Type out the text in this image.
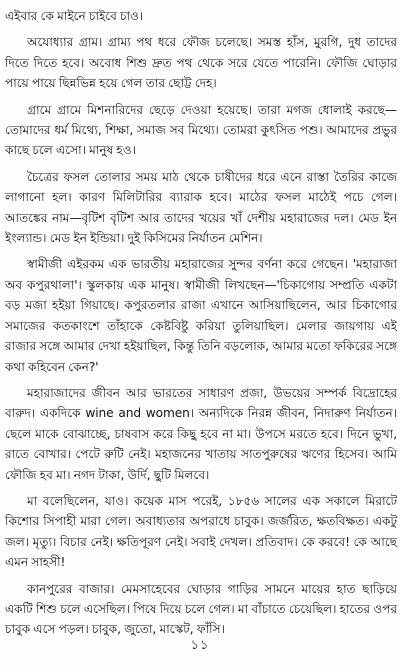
এইবার কে মাইনে চাইবে চাও।

অযোধ্যার গ্রাম। গ্রাম্য পথ ধরে ফৌজ চলেছে। সমস্ত হাঁস, মুরগি, দুধ তাদের দিতে দিতে হবে। অবোধ শিশু দ্রুত পথ থেকে সরে যেতে পারেনি। ফৌজি ঘোড়ার পায়ে পায়ে ছিন্নভিন্ন হয়ে গেল তার ছোট্ট দেহ।

গ্রামে গ্রামে মিশনারিদের ছেড়ে দেওয়া হয়েছে। তারা মগজ ধোলাই করছে—তোমাদের ধর্ম মিথ্যে, শিক্ষা, সমাজ সব মিথ্যে। তোমরা কুৎসিত পশু। আমাদের প্রভুর কাছে চলে এসো। মানুষ হও।

চৈত্রের ফসল তোলার সময় মাঠ থেকে চাষীদের ধরে এনে রাস্তা তৈরির কাজে লাগানো হল। কারণ মিলিটারির ব্যারাক হবে। মাঠের ফসল মাঠেই পচে গেল। আতঙ্কের নাম—বৃটিশ বৃটিশ আর তাদের খয়ের খাঁ দেশীয় মহারাজের দল। মেড ইন ইংল্যান্ড। মেড ইন ইন্ডিয়া। দুই কিসিমের নির্যাতন মেশিন।

স্বামীজী এইরকম এক ভারতীয় মহারাজের সুন্দর বর্ণনা করে গেছেন। 'মহারাজা অব কপুরথালা'। স্কুলকায় এক মানুষ। স্বামীজী লিখছেন—'চিকাগোয় সম্প্রতি একটা বড় মজা হইয়া গিয়াছে। কপুরতলার রাজা এখানে আসিয়াছিলেন, আর চিকাগোর সমাজের কতকাংশে তাঁহাকে কেষ্টবিষ্টু করিয়া তুলিয়াছিল। মেলার জায়গায় এই রাজার সঙ্গে আমার দেখা হইয়াছিল, কিন্তু তিনি বড়লোক, আমার মতো ফকিরের সঙ্গে কথা কহিবেন কেন?'

মহারাজাদের জীবন আর ভারতের সাধারণ প্রজা, উভয়ের সম্পর্ক বিদ্রোহের বারুদ। একদিকে wine and women। অন্যদিকে নিরন্ন জীবন, নিদারুণ নির্যাতন। ছেলে মাকে বোঝাচ্ছে, চাষবাস করে কিছু হবে না মা। উপসে মরতে হবে। দিনে ভুখা, রাতে বোখার। পেটে রুটি নেই। মহাজনের খাতায় সাতপুরুষের ঋণের হিসেব। আমি ফৌজি হব মা। নগদ টাকা, উর্দি, ছুটি মিলবে।

মা বলেছিলেন, যাও। কয়েক মাস পরেই, ১৮৫৬ সালের এক সকালে মিরাটে কিশোর সিপাহী মারা গেল। অবাধ্যতার অপরাধে চাবুক। জর্জরিত, ক্ষতবিক্ষত। একটু জল। মৃত্যু। বিচার নেই। ক্ষতিপূরণ নেই। সবাই দেখল। প্রতিবাদ। কে করবে! কে আছে এমন সাহসী!

কানপুরের বাজার। মেমসাহেবের ঘোড়ার গাড়ির সামনে মায়ের হাত ছাড়িয়ে একটি শিশু চলে এসেছিল। পিষে দিয়ে চলে গেল। মা বাঁচাতে চেয়েছিল। হাতের ওপর চাবুক এসে পড়ল। চাবুক, জুতো, মাস্কেট, ফাঁসি।

১১
